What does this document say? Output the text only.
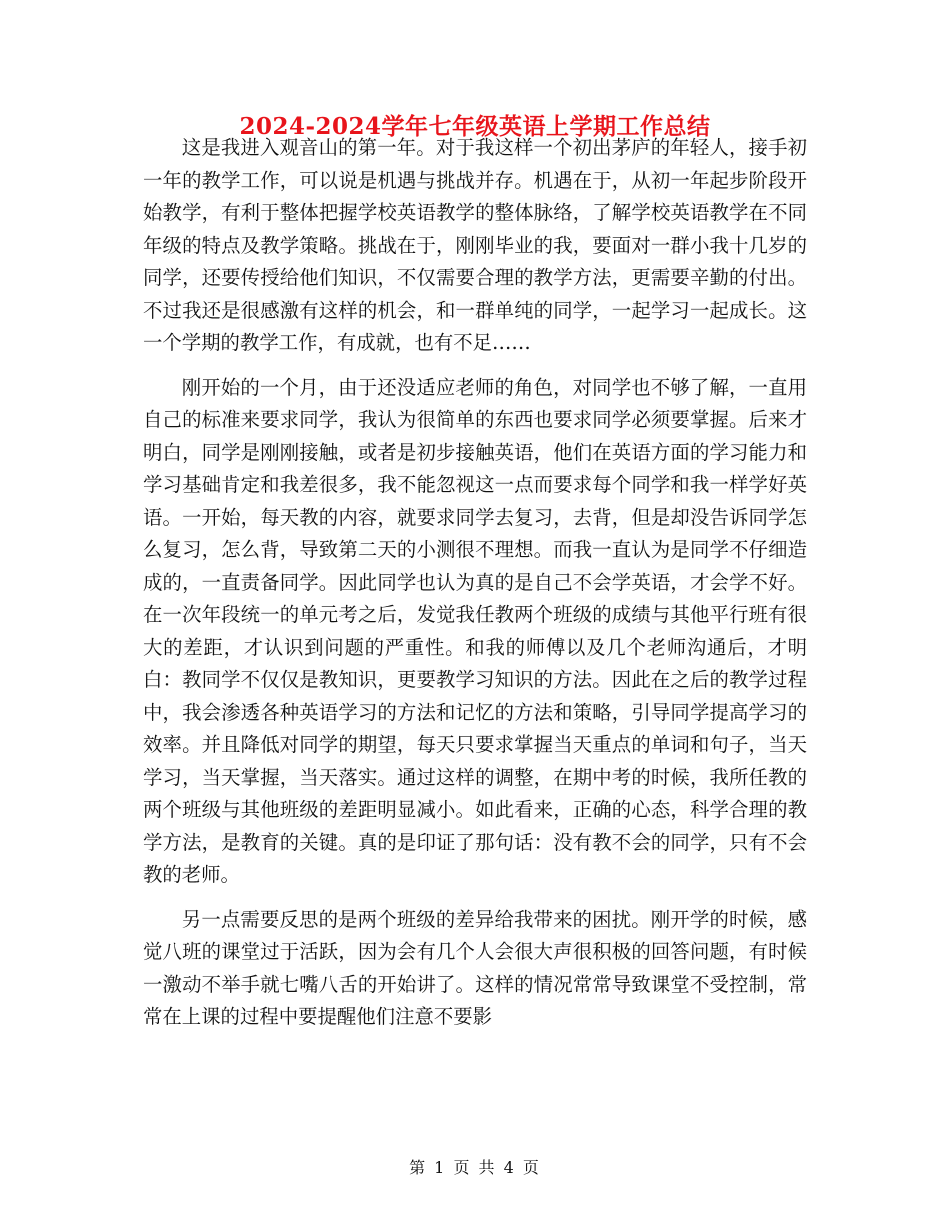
2024-2024学年七年级英语上学期工作总结

这是我进入观音山的第一年。对于我这样一个初出茅庐的年轻人，接手初一年的教学工作，可以说是机遇与挑战并存。机遇在于，从初一年起步阶段开始教学，有利于整体把握学校英语教学的整体脉络，了解学校英语教学在不同年级的特点及教学策略。挑战在于，刚刚毕业的我，要面对一群小我十几岁的同学，还要传授给他们知识，不仅需要合理的教学方法，更需要辛勤的付出。不过我还是很感激有这样的机会，和一群单纯的同学，一起学习一起成长。这一个学期的教学工作，有成就，也有不足……

刚开始的一个月，由于还没适应老师的角色，对同学也不够了解，一直用自己的标准来要求同学，我认为很简单的东西也要求同学必须要掌握。后来才明白，同学是刚刚接触，或者是初步接触英语，他们在英语方面的学习能力和学习基础肯定和我差很多，我不能忽视这一点而要求每个同学和我一样学好英语。一开始，每天教的内容，就要求同学去复习，去背，但是却没告诉同学怎么复习，怎么背，导致第二天的小测很不理想。而我一直认为是同学不仔细造成的，一直责备同学。因此同学也认为真的是自己不会学英语，才会学不好。在一次年段统一的单元考之后，发觉我任教两个班级的成绩与其他平行班有很大的差距，才认识到问题的严重性。和我的师傅以及几个老师沟通后，才明白：教同学不仅仅是教知识，更要教学习知识的方法。因此在之后的教学过程中，我会渗透各种英语学习的方法和记忆的方法和策略，引导同学提高学习的效率。并且降低对同学的期望，每天只要求掌握当天重点的单词和句子，当天学习，当天掌握，当天落实。通过这样的调整，在期中考的时候，我所任教的两个班级与其他班级的差距明显减小。如此看来，正确的心态，科学合理的教学方法，是教育的关键。真的是印证了那句话：没有教不会的同学，只有不会教的老师。

另一点需要反思的是两个班级的差异给我带来的困扰。刚开学的时候，感觉八班的课堂过于活跃，因为会有几个人会很大声很积极的回答问题，有时候一激动不举手就七嘴八舌的开始讲了。这样的情况常常导致课堂不受控制，常常在上课的过程中要提醒他们注意不要影

第 1 页 共 4 页
